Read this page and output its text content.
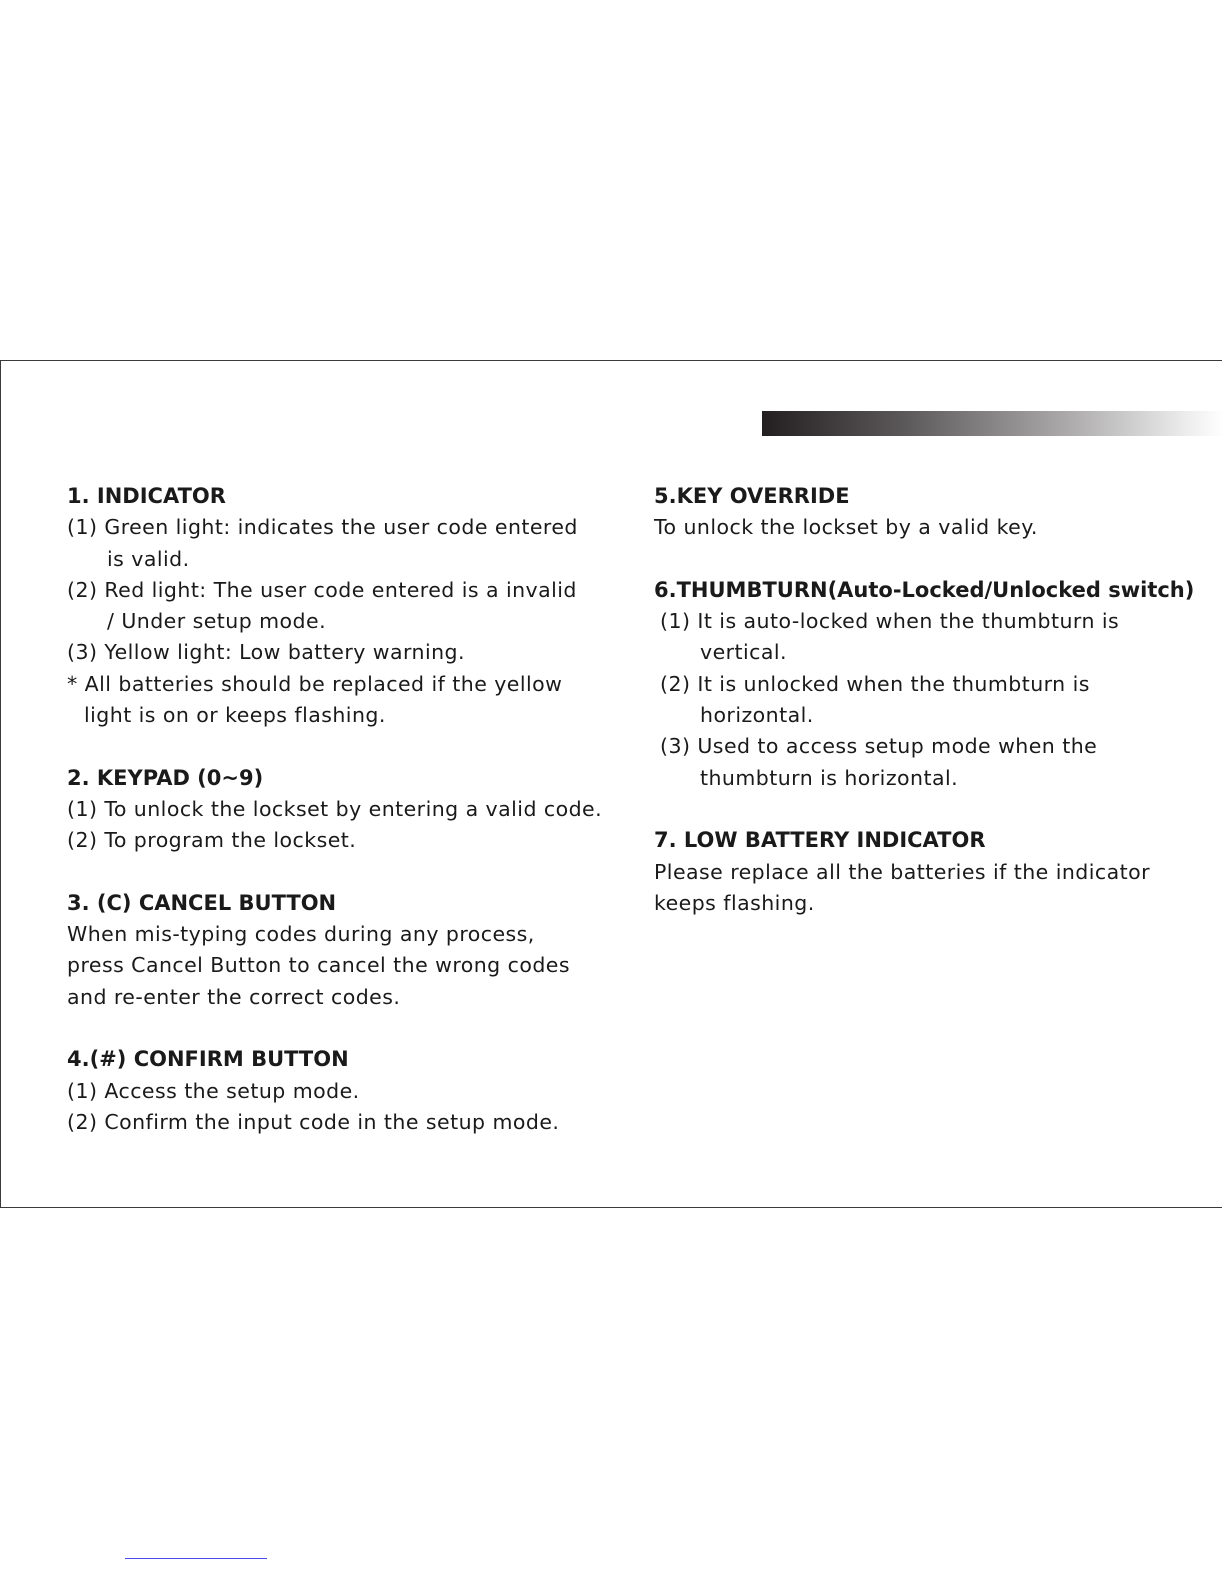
1. INDICATOR
(1) Green light: indicates the user code entered
is valid.
(2) Red light: The user code entered is a invalid
/ Under setup mode.
(3) Yellow light: Low battery warning.
* All batteries should be replaced if the yellow
light is on or keeps flashing.
2. KEYPAD (0~9)
(1) To unlock the lockset by entering a valid code.
(2) To program the lockset.
3. (C) CANCEL BUTTON
When mis-typing codes during any process,
press Cancel Button to cancel the wrong codes
and re-enter the correct codes.
4.(#) CONFIRM BUTTON
(1) Access the setup mode.
(2) Confirm the input code in the setup mode.
5.KEY OVERRIDE
To unlock the lockset by a valid key.
6.THUMBTURN(Auto-Locked/Unlocked switch)
(1) It is auto-locked when the thumbturn is
vertical.
(2) It is unlocked when the thumbturn is
horizontal.
(3) Used to access setup mode when the
thumbturn is horizontal.
7. LOW BATTERY INDICATOR
Please replace all the batteries if the indicator
keeps flashing.
